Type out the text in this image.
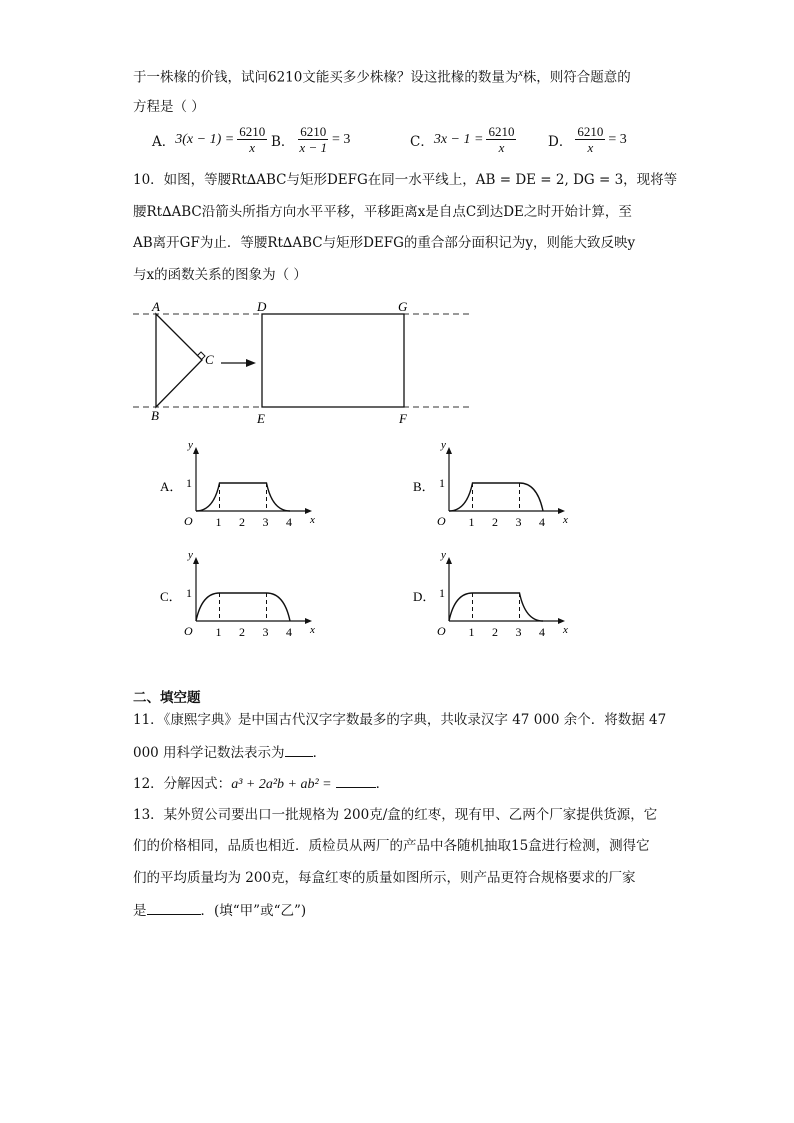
于一株椽的价钱，试问6210文能买多少株椽？设这批椽的数量为$^x$株，则符合题意的
方程是（ ）
A． $3(x - 1) = \frac{6210}{x}$ B． $\frac{6210}{x - 1} = 3$	C． $3x - 1 = \frac{6210}{x}$ D． $\frac{6210}{x} = 3$
10．如图，等腰Rt∆ABC与矩形DEFG在同一水平线上，AB = DE = 2, DG = 3，现将等
腰Rt∆ABC沿箭头所指方向水平平移，平移距离x是自点C到达DE之时开始计算，至
AB离开GF为止．等腰Rt∆ABC与矩形DEFG的重合部分面积记为y，则能大致反映y
与x的函数关系的图象为（ ）
A
B
C
D
E	F
G
A．
y
x
O
1
1 2 3 4
B．
y
x
O
1
1 2 3 4
C．
y
x
O
1
1 2 3 4
D．
y
x
O
1
1 2 3 4
二、填空题
11．《康熙字典》是中国古代汉字字数最多的字典，共收录汉字 47 000 余个．将数据 47
000 用科学记数法表示为 ．
12．分解因式：a³ + 2a²b + ab² =	．
13．某外贸公司要出口一批规格为 200克/盒的红枣，现有甲、乙两个厂家提供货源，它
们的价格相同，品质也相近．质检员从两厂的产品中各随机抽取15盒进行检测，测得它
们的平均质量均为 200克，每盒红枣的质量如图所示，则产品更符合规格要求的厂家
是	．(填“甲”或“乙”)
